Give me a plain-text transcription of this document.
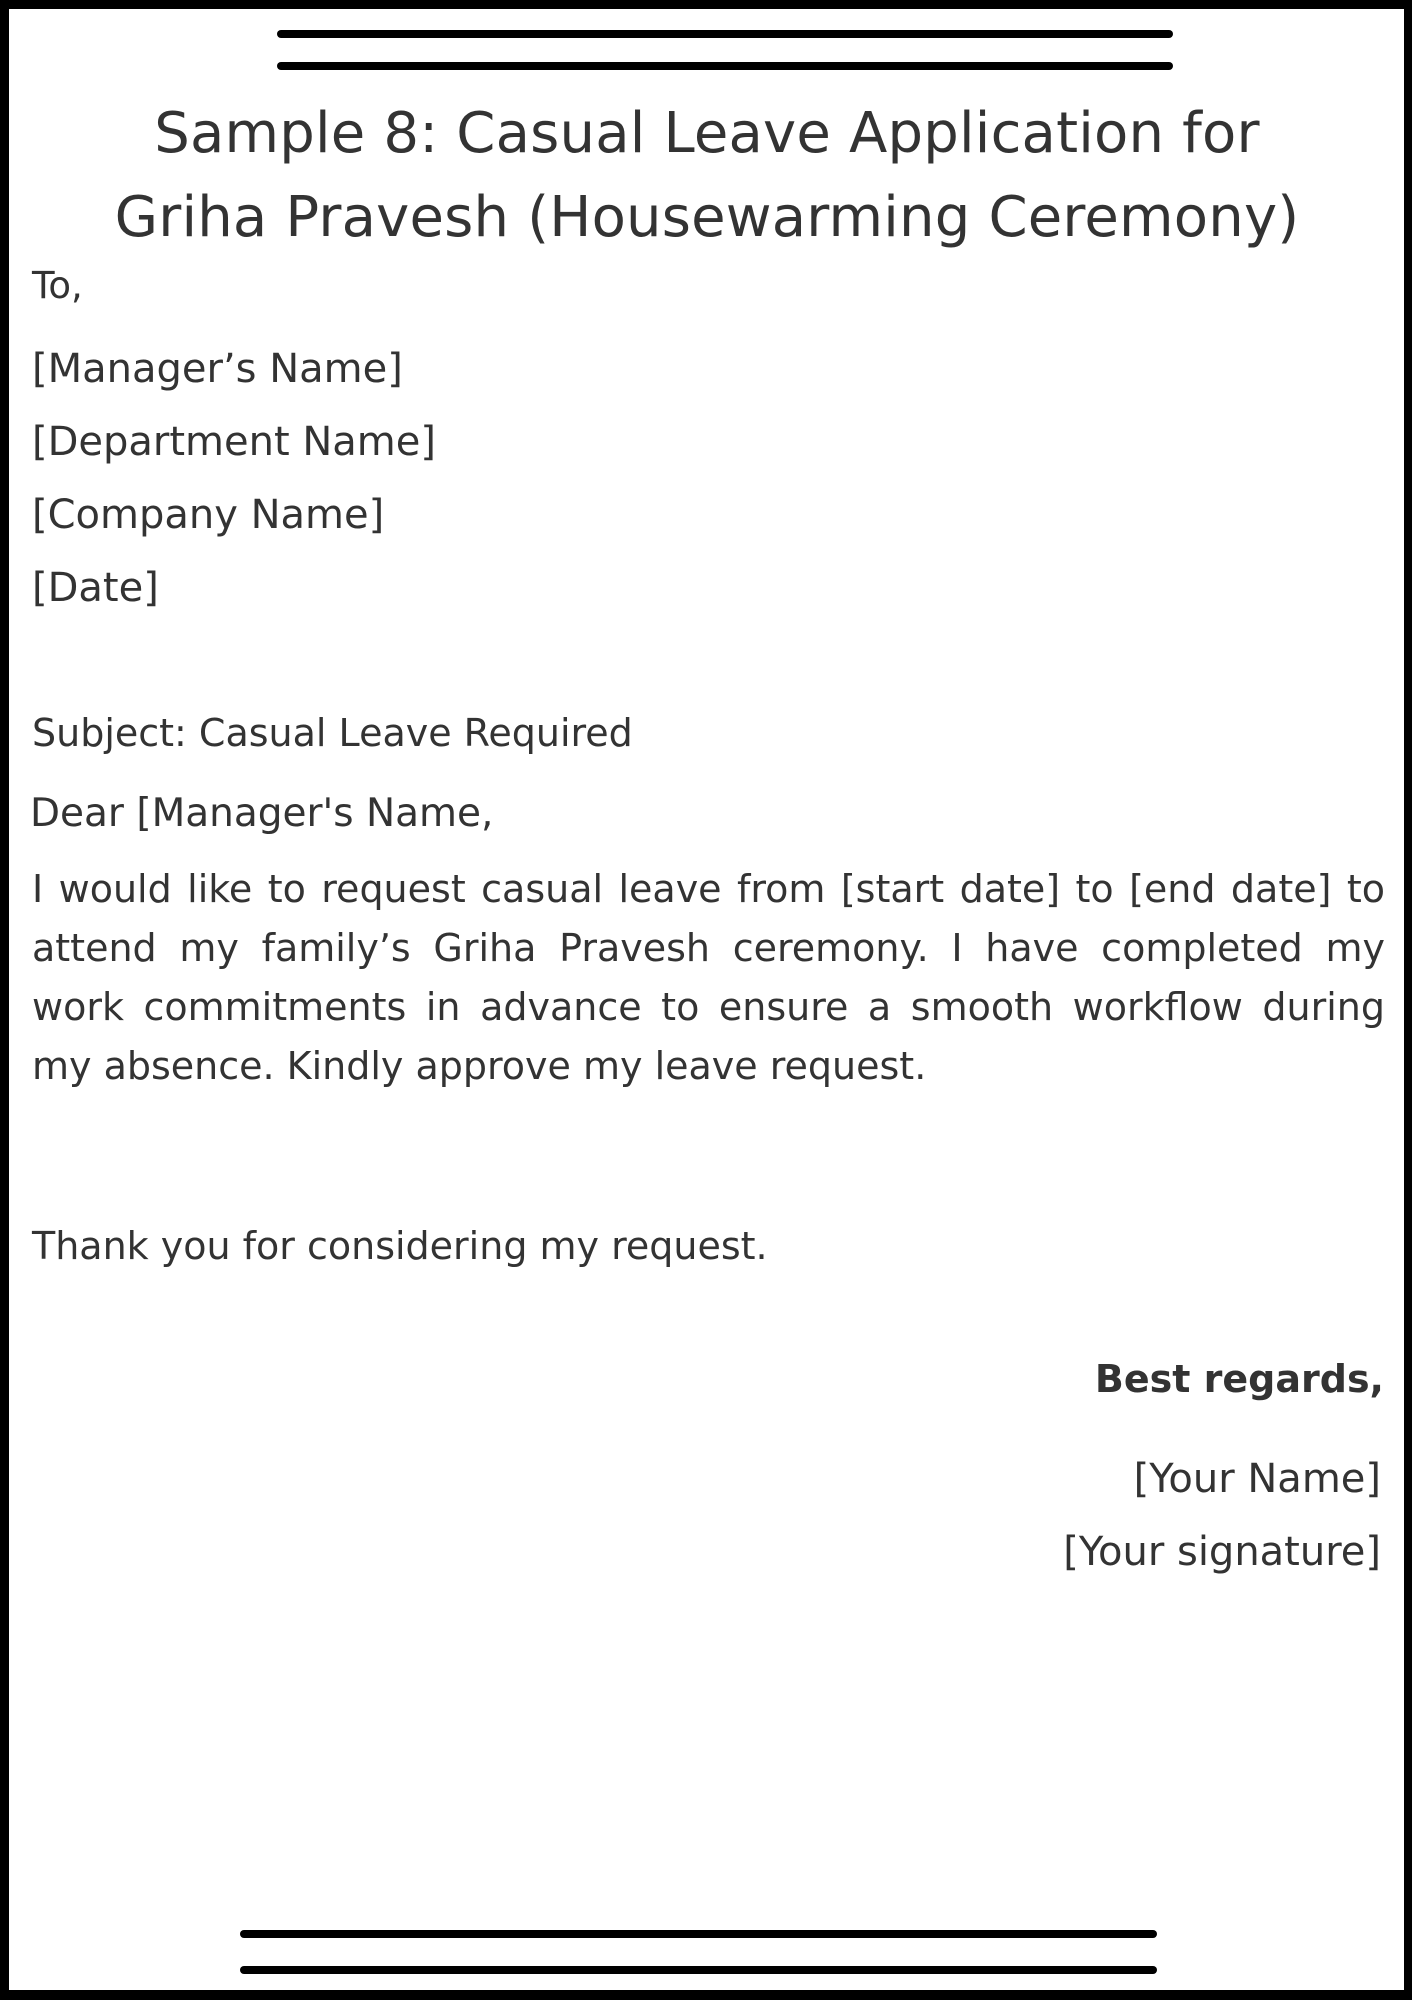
Sample 8: Casual Leave Application for
Griha Pravesh (Housewarming Ceremony)

To,

[Manager’s Name]

[Department Name]

[Company Name]

[Date]

Subject: Casual Leave Required

Dear [Manager's Name,

I would like to request casual leave from [start date] to [end date] to attend my family’s Griha Pravesh ceremony. I have completed my work commitments in advance to ensure a smooth workflow during my absence. Kindly approve my leave request.

Thank you for considering my request.

Best regards,

[Your Name]

[Your signature]
